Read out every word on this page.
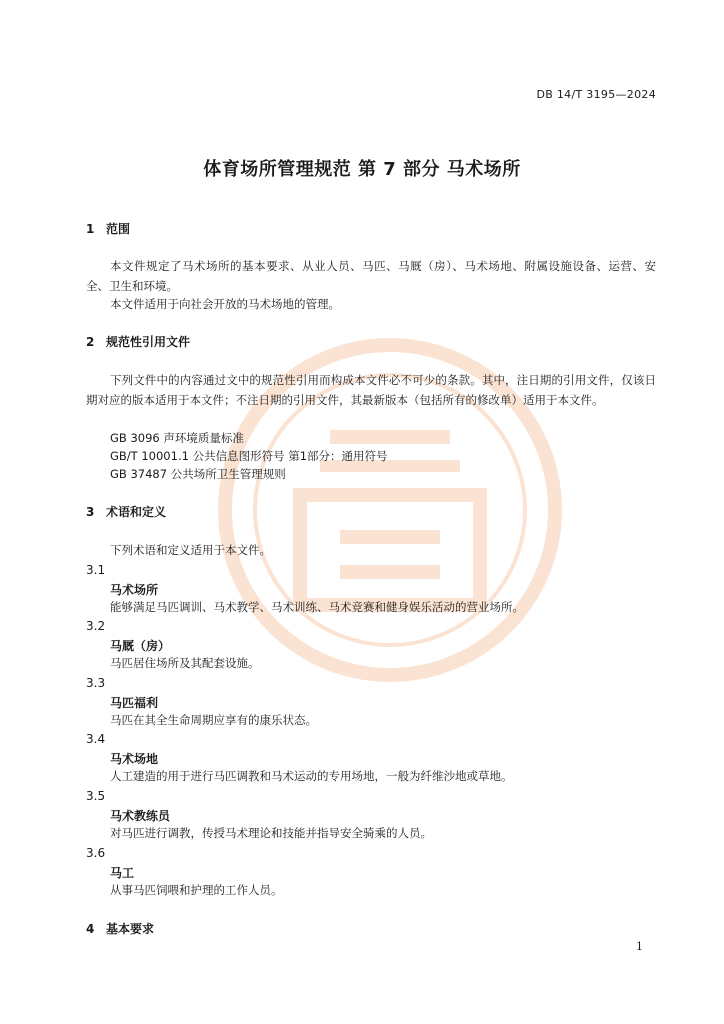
DB 14/T 3195—2024
体育场所管理规范 第 7 部分 马术场所
1 范围
本文件规定了马术场所的基本要求、从业人员、马匹、马厩（房）、马术场地、附属设施设备、运营、安全、卫生和环境。
本文件适用于向社会开放的马术场地的管理。
2 规范性引用文件
下列文件中的内容通过文中的规范性引用而构成本文件必不可少的条款。其中，注日期的引用文件，仅该日期对应的版本适用于本文件；不注日期的引用文件，其最新版本（包括所有的修改单）适用于本文件。
GB 3096 声环境质量标准
GB/T 10001.1 公共信息图形符号 第1部分：通用符号
GB 37487 公共场所卫生管理规则
3 术语和定义
下列术语和定义适用于本文件。
3.1
马术场所
能够满足马匹调训、马术教学、马术训练、马术竞赛和健身娱乐活动的营业场所。
3.2
马厩（房）
马匹居住场所及其配套设施。
3.3
马匹福利
马匹在其全生命周期应享有的康乐状态。
3.4
马术场地
人工建造的用于进行马匹调教和马术运动的专用场地，一般为纤维沙地或草地。
3.5
马术教练员
对马匹进行调教，传授马术理论和技能并指导安全骑乘的人员。
3.6
马工
从事马匹饲喂和护理的工作人员。
4 基本要求
1
